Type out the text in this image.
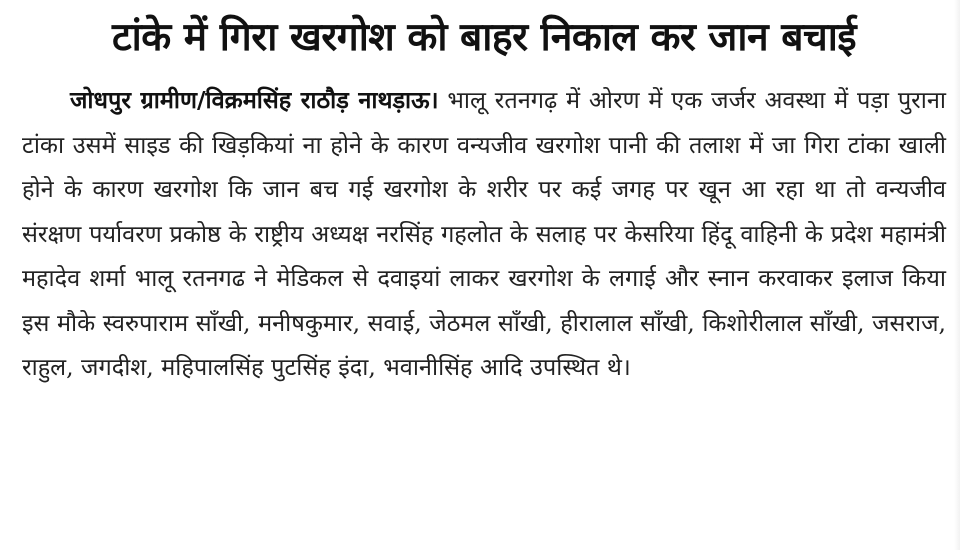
टांके में गिरा खरगोश को बाहर निकाल कर जान बचाई

जोधपुर ग्रामीण/विक्रमसिंह राठौड़ नाथड़ाऊ। भालू रतनगढ़ में ओरण में एक जर्जर अवस्था में पड़ा पुराना टांका उसमें साइड की खिड़कियां ना होने के कारण वन्यजीव खरगोश पानी की तलाश में जा गिरा टांका खाली होने के कारण खरगोश कि जान बच गई खरगोश के शरीर पर कई जगह पर खून आ रहा था तो वन्यजीव संरक्षण पर्यावरण प्रकोष्ठ के राष्ट्रीय अध्यक्ष नरसिंह गहलोत के सलाह पर केसरिया हिंदू वाहिनी के प्रदेश महामंत्री महादेव शर्मा भालू रतनगढ ने मेडिकल से दवाइयां लाकर खरगोश के लगाई और स्नान करवाकर इलाज किया इस मौके स्वरुपाराम साँखी, मनीषकुमार, सवाई, जेठमल साँखी, हीरालाल साँखी, किशोरीलाल साँखी, जसराज, राहुल, जगदीश, महिपालसिंह पुटसिंह इंदा, भवानीसिंह आदि उपस्थित थे।
